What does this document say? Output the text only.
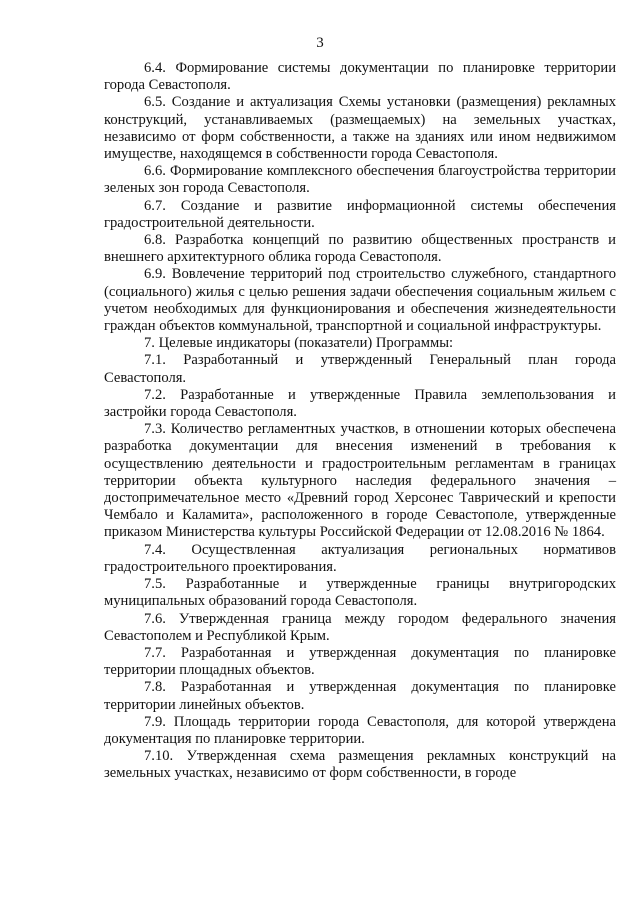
3

6.4. Формирование системы документации по планировке территории города Севастополя.

6.5. Создание и актуализация Схемы установки (размещения) рекламных конструкций, устанавливаемых (размещаемых) на земельных участках, независимо от форм собственности, а также на зданиях или ином недвижимом имуществе, находящемся в собственности города Севастополя.

6.6. Формирование комплексного обеспечения благоустройства территории зеленых зон города Севастополя.

6.7. Создание и развитие информационной системы обеспечения градостроительной деятельности.

6.8. Разработка концепций по развитию общественных пространств и внешнего архитектурного облика города Севастополя.

6.9. Вовлечение территорий под строительство служебного, стандартного (социального) жилья с целью решения задачи обеспечения социальным жильем с учетом необходимых для функционирования и обеспечения жизнедеятельности граждан объектов коммунальной, транспортной и социальной инфраструктуры.

7. Целевые индикаторы (показатели) Программы:

7.1. Разработанный и утвержденный Генеральный план города Севастополя.

7.2. Разработанные и утвержденные Правила землепользования и застройки города Севастополя.

7.3. Количество регламентных участков, в отношении которых обеспечена разработка документации для внесения изменений в требования к осуществлению деятельности и градостроительным регламентам в границах территории объекта культурного наследия федерального значения – достопримечательное место «Древний город Херсонес Таврический и крепости Чембало и Каламита», расположенного в городе Севастополе, утвержденные приказом Министерства культуры Российской Федерации от 12.08.2016 № 1864.

7.4. Осуществленная актуализация региональных нормативов градостроительного проектирования.

7.5. Разработанные и утвержденные границы внутригородских муниципальных образований города Севастополя.

7.6. Утвержденная граница между городом федерального значения Севастополем и Республикой Крым.

7.7. Разработанная и утвержденная документация по планировке территории площадных объектов.

7.8. Разработанная и утвержденная документация по планировке территории линейных объектов.

7.9. Площадь территории города Севастополя, для которой утверждена документация по планировке территории.

7.10. Утвержденная схема размещения рекламных конструкций на земельных участках, независимо от форм собственности, в городе
